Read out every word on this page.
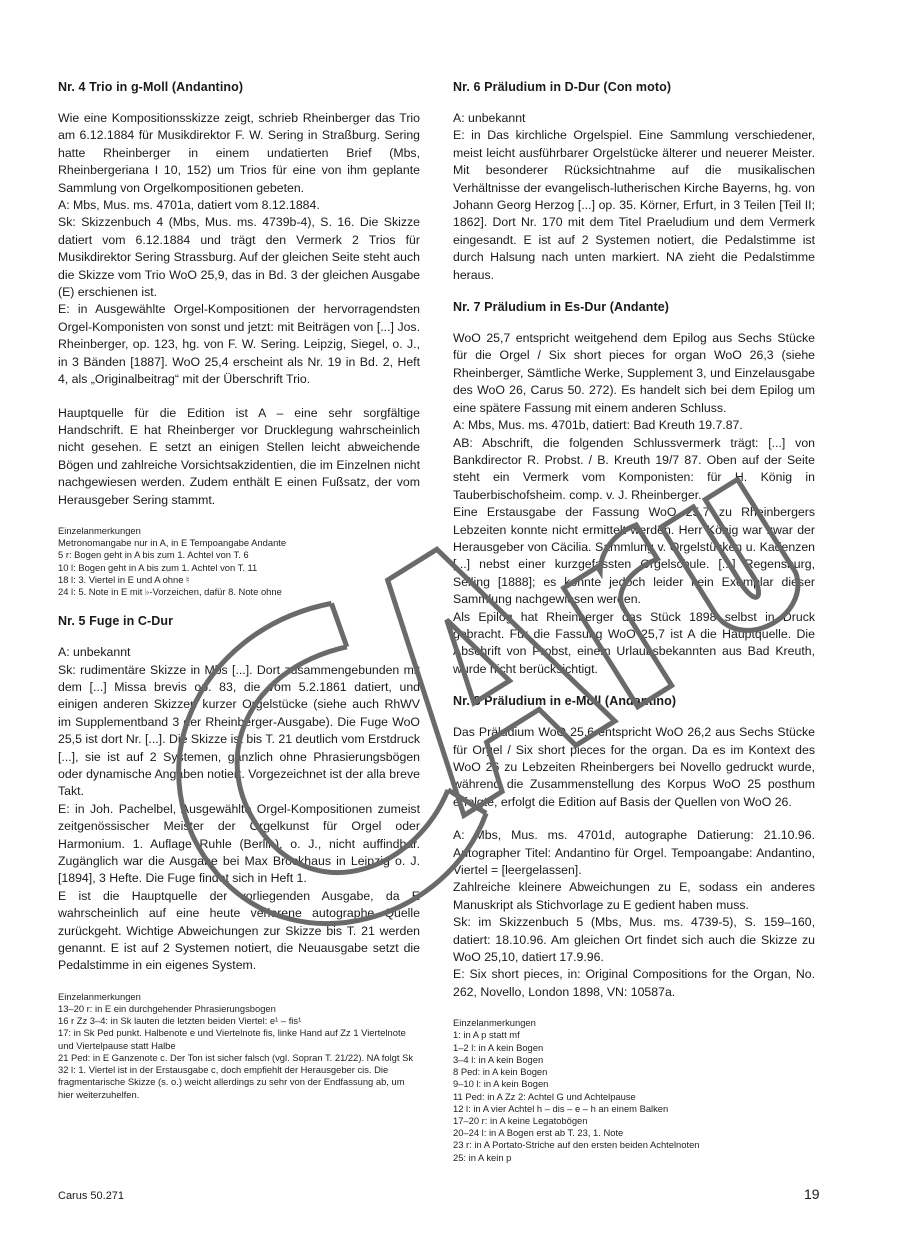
Nr. 4 Trio in g-Moll (Andantino)

Wie eine Kompositionsskizze zeigt, schrieb Rheinberger das Trio am 6.12.1884 für Musikdirektor F. W. Sering in Straßburg. Sering hatte Rheinberger in einem undatierten Brief (Mbs, Rheinbergeriana I 10, 152) um Trios für eine von ihm geplante Sammlung von Orgelkompositionen gebeten.

A: Mbs, Mus. ms. 4701a, datiert vom 8.12.1884.

Sk: Skizzenbuch 4 (Mbs, Mus. ms. 4739b-4), S. 16. Die Skizze datiert vom 6.12.1884 und trägt den Vermerk 2 Trios für Musikdirektor Sering Strassburg. Auf der gleichen Seite steht auch die Skizze vom Trio WoO 25,9, das in Bd. 3 der gleichen Ausgabe (E) erschienen ist.

E: in Ausgewählte Orgel-Kompositionen der hervorragendsten Orgel-Komponisten von sonst und jetzt: mit Beiträgen von [...] Jos. Rheinberger, op. 123, hg. von F. W. Sering. Leipzig, Siegel, o. J., in 3 Bänden [1887]. WoO 25,4 erscheint als Nr. 19 in Bd. 2, Heft 4, als „Originalbeitrag“ mit der Überschrift Trio.

Hauptquelle für die Edition ist A – eine sehr sorgfältige Handschrift. E hat Rheinberger vor Drucklegung wahrscheinlich nicht gesehen. E setzt an einigen Stellen leicht abweichende Bögen und zahlreiche Vorsichtsakzidentien, die im Einzelnen nicht nachgewiesen werden. Zudem enthält E einen Fußsatz, der vom Herausgeber Sering stammt.

Einzelanmerkungen

Metronomangabe nur in A, in E Tempoangabe Andante

5 r: Bogen geht in A bis zum 1. Achtel von T. 6

10 l: Bogen geht in A bis zum 1. Achtel von T. 11

18 l: 3. Viertel in E und A ohne ♮

24 l: 5. Note in E mit ♭-Vorzeichen, dafür 8. Note ohne

Nr. 5 Fuge in C-Dur

A: unbekannt

Sk: rudimentäre Skizze in Mbs [...]. Dort zusammengebunden mit dem [...] Missa brevis op. 83, die vom 5.2.1861 datiert, und einigen anderen Skizzen kurzer Orgelstücke (siehe auch RhWV im Supplementband 3 der Rheinberger-Ausgabe). Die Fuge WoO 25,5 ist dort Nr. [...]. Die Skizze ist bis T. 21 deutlich vom Erstdruck [...], sie ist auf 2 Systemen, gänzlich ohne Phrasierungsbögen oder dynamische Angaben notiert. Vorgezeichnet ist der alla breve Takt.

E: in Joh. Pachelbel, Ausgewählte Orgel-Kompositionen zumeist zeitgenössischer Meister der Orgelkunst für Orgel oder Harmonium. 1. Auflage Ruhle (Berlin), o. J., nicht auffindbar. Zugänglich war die Ausgabe bei Max Brockhaus in Leipzig o. J. [1894], 3 Hefte. Die Fuge findet sich in Heft 1.

E ist die Hauptquelle der vorliegenden Ausgabe, da E wahrscheinlich auf eine heute verlorene autographe Quelle zurückgeht. Wichtige Abweichungen zur Skizze bis T. 21 werden genannt. E ist auf 2 Systemen notiert, die Neuausgabe setzt die Pedalstimme in ein eigenes System.

Einzelanmerkungen

13–20 r: in E ein durchgehender Phrasierungsbogen

16 r Zz 3–4: in Sk lauten die letzten beiden Viertel: e¹ – fis¹

17: in Sk Ped punkt. Halbenote e und Viertelnote fis, linke Hand auf Zz 1 Viertelnote und Viertelpause statt Halbe

21 Ped: in E Ganzenote c. Der Ton ist sicher falsch (vgl. Sopran T. 21/22). NA folgt Sk

32 l: 1. Viertel ist in der Erstausgabe c, doch empfiehlt der Herausgeber cis. Die fragmentarische Skizze (s. o.) weicht allerdings zu sehr von der Endfassung ab, um hier weiterzuhelfen.

Nr. 6 Präludium in D-Dur (Con moto)

A: unbekannt

E: in Das kirchliche Orgelspiel. Eine Sammlung verschiedener, meist leicht ausführbarer Orgelstücke älterer und neuerer Meister. Mit besonderer Rücksichtnahme auf die musikalischen Verhältnisse der evangelisch-lutherischen Kirche Bayerns, hg. von Johann Georg Herzog [...] op. 35. Körner, Erfurt, in 3 Teilen [Teil II; 1862]. Dort Nr. 170 mit dem Titel Praeludium und dem Vermerk eingesandt. E ist auf 2 Systemen notiert, die Pedalstimme ist durch Halsung nach unten markiert. NA zieht die Pedalstimme heraus.

Nr. 7 Präludium in Es-Dur (Andante)

WoO 25,7 entspricht weitgehend dem Epilog aus Sechs Stücke für die Orgel / Six short pieces for organ WoO 26,3 (siehe Rheinberger, Sämtliche Werke, Supplement 3, und Einzelausgabe des WoO 26, Carus 50. 272). Es handelt sich bei dem Epilog um eine spätere Fassung mit einem anderen Schluss.

A: Mbs, Mus. ms. 4701b, datiert: Bad Kreuth 19.7.87.

AB: Abschrift, die folgenden Schlussvermerk trägt: [...] von Bankdirector R. Probst. / B. Kreuth 19/7 87. Oben auf der Seite steht ein Vermerk vom Komponisten: für H. König in Tauberbischofsheim. comp. v. J. Rheinberger.

Eine Erstausgabe der Fassung WoO 25,7 zu Rheinbergers Lebzeiten konnte nicht ermittelt werden. Herr König war zwar der Herausgeber von Cäcilia. Sammlung v. Orgelstücken u. Kadenzen [...] nebst einer kurzgefassten Orgelschule. [...] Regensburg, Seiling [1888]; es konnte jedoch leider kein Exemplar dieser Sammlung nachgewiesen werden.

Als Epilog hat Rheinberger das Stück 1898 selbst in Druck gebracht. Für die Fassung WoO 25,7 ist A die Hauptquelle. Die Abschrift von Probst, einem Urlaubsbekannten aus Bad Kreuth, wurde nicht berücksichtigt.

Nr. 8 Präludium in e-Moll (Andantino)

Das Präludium WoO 25,6 entspricht WoO 26,2 aus Sechs Stücke für Orgel / Six short pieces for the organ. Da es im Kontext des WoO 26 zu Lebzeiten Rheinbergers bei Novello gedruckt wurde, während die Zusammenstellung des Korpus WoO 25 posthum erfolgte, erfolgt die Edition auf Basis der Quellen von WoO 26.

A: Mbs, Mus. ms. 4701d, autographe Datierung: 21.10.96. Autographer Titel: Andantino für Orgel. Tempoangabe: Andantino, Viertel = [leergelassen].

Zahlreiche kleinere Abweichungen zu E, sodass ein anderes Manuskript als Stichvorlage zu E gedient haben muss.

Sk: im Skizzenbuch 5 (Mbs, Mus. ms. 4739-5), S. 159–160, datiert: 18.10.96. Am gleichen Ort findet sich auch die Skizze zu WoO 25,10, datiert 17.9.96.

E: Six short pieces, in: Original Compositions for the Organ, No. 262, Novello, London 1898, VN: 10587a.

Einzelanmerkungen

1: in A p statt mf

1–2 l: in A kein Bogen

3–4 l: in A kein Bogen

8 Ped: in A kein Bogen

9–10 l: in A kein Bogen

11 Ped: in A Zz 2: Achtel G und Achtelpause

12 l: in A vier Achtel h – dis – e – h an einem Balken

17–20 r: in A keine Legatobögen

20–24 l: in A Bogen erst ab T. 23, 1. Note

23 r: in A Portato-Striche auf den ersten beiden Achtelnoten

25: in A kein p

Carus 50.271	19
